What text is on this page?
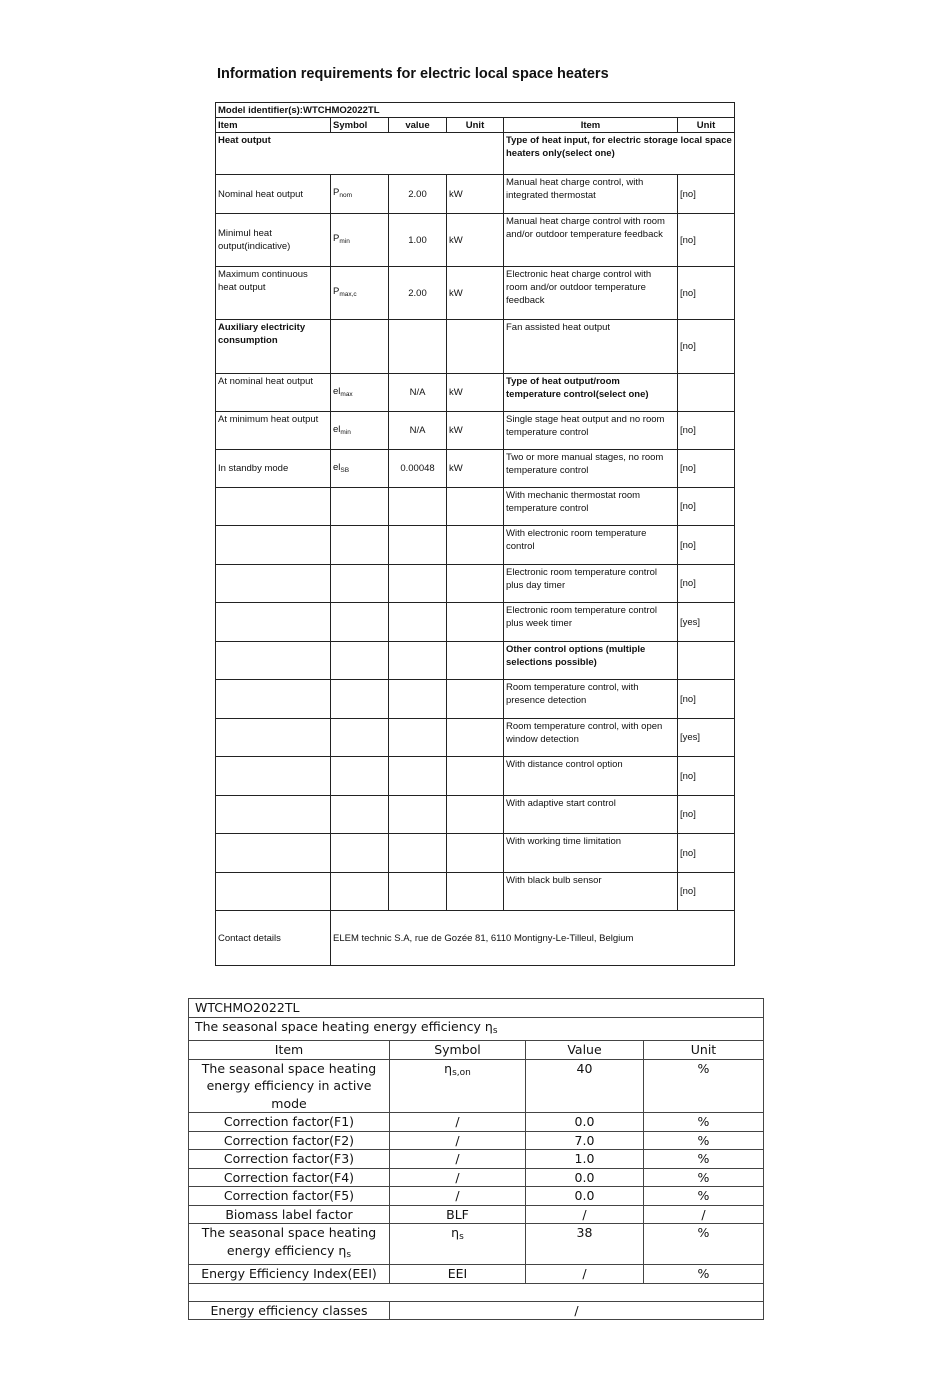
Information requirements for electric local space heaters
Model identifier(s):WTCHMO2022TL					
Item	Symbol	value	Unit	Item	Unit
Heat output				Type of heat input, for electric storage local space heaters only(select one)	
Nominal heat output	$P_{nom}$	2.00	kW	Manual heat charge control, with integrated thermostat	[no]
Minimul heat output(indicative)	$P_{min}$	1.00	kW	Manual heat charge control with room and/or outdoor temperature feedback	[no]
Maximum continuous heat output	$P_{max,c}$	2.00	kW	Electronic heat charge control with room and/or outdoor temperature feedback	[no]
Auxiliary electricity consumption				Fan assisted heat output	[no]
At nominal heat output	$el_{max}$	N/A	kW	Type of heat output/room temperature control(select one)	
At minimum heat output	$el_{min}$	N/A	kW	Single stage heat output and no room temperature control	[no]
In standby mode	$el_{SB}$	0.00048	kW	Two or more manual stages, no room temperature control	[no]
				With mechanic thermostat room temperature control	[no]
				With electronic room temperature control	[no]
				Electronic room temperature control plus day timer	[no]
				Electronic room temperature control plus week timer	[yes]
				Other control options (multiple selections possible)	
				Room temperature control, with presence detection	[no]
				Room temperature control, with open window detection	[yes]
				With distance control option	[no]
				With adaptive start control	[no]
				With working time limitation	[no]
				With black bulb sensor	[no]
Contact details	ELEM technic S.A, rue de Gozée 81, 6110 Montigny-Le-Tilleul, Belgium				
WTCHMO2022TL			
The seasonal space heating energy efficiency ηs			
Item	Symbol	Value	Unit
The seasonal space heating energy efficiency in active mode	ηs,on	40	%
Correction factor(F1)	/	0.0	%
Correction factor(F2)	/	7.0	%
Correction factor(F3)	/	1.0	%
Correction factor(F4)	/	0.0	%
Correction factor(F5)	/	0.0	%
Biomass label factor	BLF	/	/
The seasonal space heating energy efficiency ηs	ηs	38	%
Energy Efficiency Index(EEI)	EEI	/	%

Energy efficiency classes	/		
